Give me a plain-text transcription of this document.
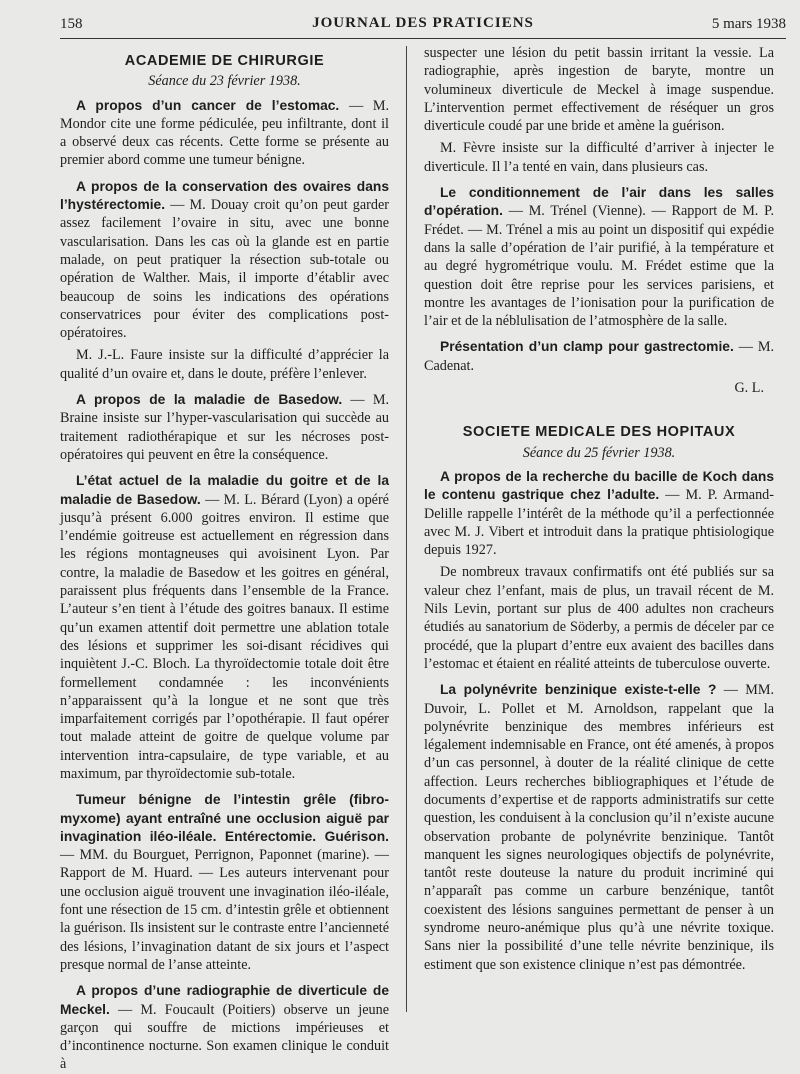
158	JOURNAL DES PRATICIENS	5 mars 1938
ACADEMIE DE CHIRURGIE
Séance du 23 février 1938.

A propos d’un cancer de l’estomac. — M. Mondor cite une forme pédiculée, peu infiltrante, dont il a observé deux cas récents. Cette forme se présente au premier abord comme une tumeur bénigne.

A propos de la conservation des ovaires dans l’hystérectomie. — M. Douay croit qu’on peut garder assez facilement l’ovaire in situ, avec une bonne vascularisation. Dans les cas où la glande est en partie malade, on peut pratiquer la résection sub-totale ou opération de Walther. Mais, il importe d’établir avec beaucoup de soins les indications des opérations conservatrices pour éviter des complications post-opératoires.

M. J.-L. Faure insiste sur la difficulté d’apprécier la qualité d’un ovaire et, dans le doute, préfère l’enlever.

A propos de la maladie de Basedow. — M. Braine insiste sur l’hyper-vascularisation qui succède au traitement radiothérapique et sur les nécroses post-opératoires qui peuvent en être la conséquence.

L’état actuel de la maladie du goitre et de la maladie de Basedow. — M. L. Bérard (Lyon) a opéré jusqu’à présent 6.000 goitres environ. Il estime que l’endémie goitreuse est actuellement en régression dans les régions montagneuses qui avoisinent Lyon. Par contre, la maladie de Basedow et les goitres en général, paraissent plus fréquents dans l’ensemble de la France. L’auteur s’en tient à l’étude des goitres banaux. Il estime qu’un examen attentif doit permettre une ablation totale des lésions et supprimer les soi-disant récidives qui inquiètent J.-C. Bloch. La thyroïdectomie totale doit être formellement condamnée : les inconvénients n’apparaissent qu’à la longue et ne sont que très imparfaitement corrigés par l’opothérapie. Il faut opérer tout malade atteint de goitre de quelque volume par intervention intra-capsulaire, de type variable, et au maximum, par thyroïdectomie sub-totale.

Tumeur bénigne de l’intestin grêle (fibro-myxome) ayant entraîné une occlusion aiguë par invagination iléo-iléale. Entérectomie. Guérison. — MM. du Bourguet, Perrignon, Paponnet (marine). — Rapport de M. Huard. — Les auteurs intervenant pour une occlusion aiguë trouvent une invagination iléo-iléale, font une résection de 15 cm. d’intestin grêle et obtiennent la guérison. Ils insistent sur le contraste entre l’ancienneté des lésions, l’invagination datant de six jours et l’aspect presque normal de l’anse atteinte.

A propos d’une radiographie de diverticule de Meckel. — M. Foucault (Poitiers) observe un jeune garçon qui souffre de mictions impérieuses et d’incontinence nocturne. Son examen clinique le conduit à

suspecter une lésion du petit bassin irritant la vessie. La radiographie, après ingestion de baryte, montre un volumineux diverticule de Meckel à image suspendue. L’intervention permet effectivement de réséquer un gros diverticule coudé par une bride et amène la guérison.

M. Fèvre insiste sur la difficulté d’arriver à injecter le diverticule. Il l’a tenté en vain, dans plusieurs cas.

Le conditionnement de l’air dans les salles d’opération. — M. Trénel (Vienne). — Rapport de M. P. Frédet. — M. Trénel a mis au point un dispositif qui expédie dans la salle d’opération de l’air purifié, à la température et au degré hygrométrique voulu. M. Frédet estime que la question doit être reprise pour les services parisiens, et montre les avantages de l’ionisation pour la purification de l’air et de la néblulisation de l’atmosphère de la salle.

Présentation d’un clamp pour gastrectomie. — M. Cadenat.

G. L.

SOCIETE MEDICALE DES HOPITAUX
Séance du 25 février 1938.

A propos de la recherche du bacille de Koch dans le contenu gastrique chez l’adulte. — M. P. Armand-Delille rappelle l’intérêt de la méthode qu’il a perfectionnée avec M. J. Vibert et introduit dans la pratique phtisiologique depuis 1927.

De nombreux travaux confirmatifs ont été publiés sur sa valeur chez l’enfant, mais de plus, un travail récent de M. Nils Levin, portant sur plus de 400 adultes non cracheurs étudiés au sanatorium de Söderby, a permis de déceler par ce procédé, que la plupart d’entre eux avaient des bacilles dans l’estomac et étaient en réalité atteints de tuberculose ouverte.

La polynévrite benzinique existe-t-elle ? — MM. Duvoir, L. Pollet et M. Arnoldson, rappelant que la polynévrite benzinique des membres inférieurs est légalement indemnisable en France, ont été amenés, à propos d’un cas personnel, à douter de la réalité clinique de cette affection. Leurs recherches bibliographiques et l’étude de documents d’expertise et de rapports administratifs sur cette question, les conduisent à la conclusion qu’il n’existe aucune observation probante de polynévrite benzinique. Tantôt manquent les signes neurologiques objectifs de polynévrite, tantôt reste douteuse la nature du produit incriminé qui n’apparaît pas comme un carbure benzénique, tantôt coexistent des lésions sanguines permettant de penser à un syndrome neuro-anémique plus qu’à une névrite toxique. Sans nier la possibilité d’une telle névrite benzinique, ils estiment que son existence clinique n’est pas démontrée.
